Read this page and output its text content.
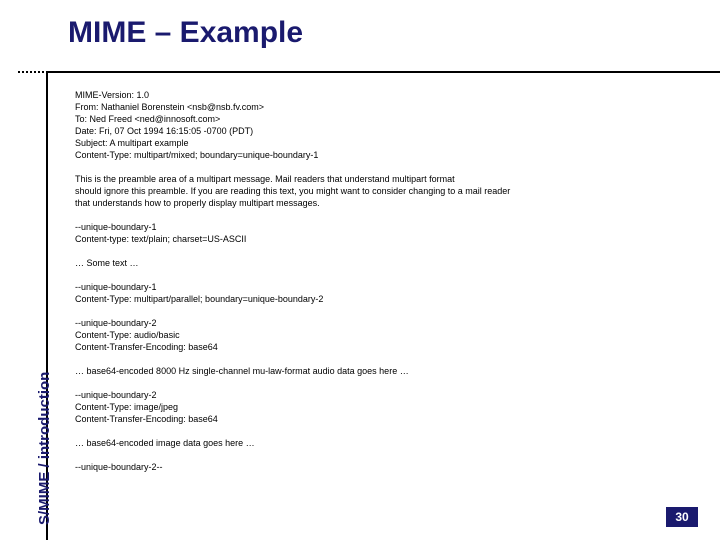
MIME – Example
S/MIME / introduction
MIME-Version: 1.0
From: Nathaniel Borenstein <nsb@nsb.fv.com>
To: Ned Freed <ned@innosoft.com>
Date: Fri, 07 Oct 1994 16:15:05 -0700 (PDT)
Subject: A multipart example
Content-Type: multipart/mixed; boundary=unique-boundary-1
This is the preamble area of a multipart message. Mail readers that understand multipart format
should ignore this preamble. If you are reading this text, you might want to consider changing to a mail reader
that understands how to properly display multipart messages.
--unique-boundary-1
Content-type: text/plain; charset=US-ASCII
… Some text …
--unique-boundary-1
Content-Type: multipart/parallel; boundary=unique-boundary-2
--unique-boundary-2
Content-Type: audio/basic
Content-Transfer-Encoding: base64
… base64-encoded 8000 Hz single-channel mu-law-format audio data goes here …
--unique-boundary-2
Content-Type: image/jpeg
Content-Transfer-Encoding: base64
… base64-encoded image data goes here …
--unique-boundary-2--
30
